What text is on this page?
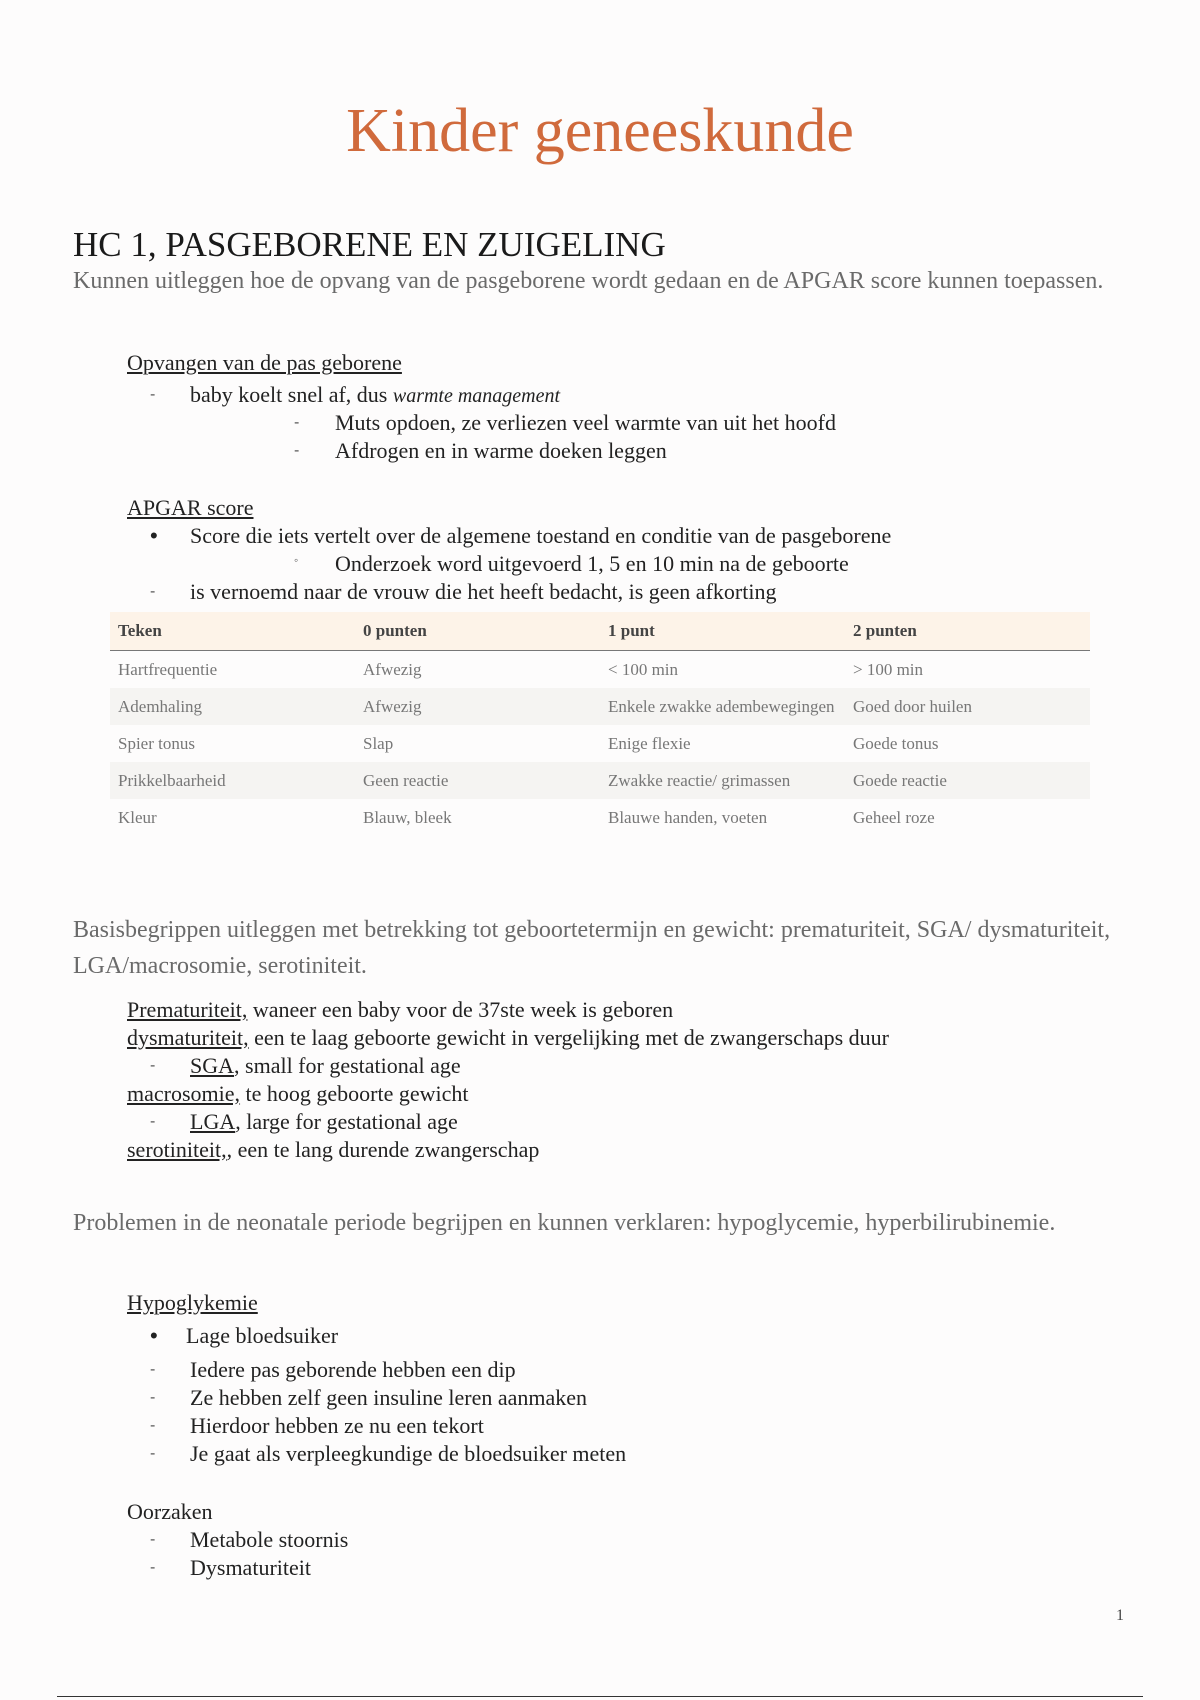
Kinder geneeskunde
HC 1, PASGEBORENE EN ZUIGELING
Kunnen uitleggen hoe de opvang van de pasgeborene wordt gedaan en de APGAR score kunnen toepassen.
Opvangen van de pas geborene
- baby koelt snel af, dus warmte management
- Muts opdoen, ze verliezen veel warmte van uit het hoofd
- Afdrogen en in warme doeken leggen
APGAR score
• Score die iets vertelt over de algemene toestand en conditie van de pasgeborene
◦ Onderzoek word uitgevoerd 1, 5 en 10 min na de geboorte
- is vernoemd naar de vrouw die het heeft bedacht, is geen afkorting
Teken	0 punten	1 punt	2 punten
Hartfrequentie	Afwezig	< 100 min	> 100 min
Ademhaling	Afwezig	Enkele zwakke adembewegingen	Goed door huilen
Spier tonus	Slap	Enige flexie	Goede tonus
Prikkelbaarheid	Geen reactie	Zwakke reactie/ grimassen	Goede reactie
Kleur	Blauw, bleek	Blauwe handen, voeten	Geheel roze
Basisbegrippen uitleggen met betrekking tot geboortetermijn en gewicht: prematuriteit, SGA/ dysmaturiteit, LGA/macrosomie, serotiniteit.
Prematuriteit, waneer een baby voor de 37ste week is geboren
dysmaturiteit, een te laag geboorte gewicht in vergelijking met de zwangerschaps duur
- SGA, small for gestational age
macrosomie, te hoog geboorte gewicht
- LGA, large for gestational age
serotiniteit,, een te lang durende zwangerschap
Problemen in de neonatale periode begrijpen en kunnen verklaren: hypoglycemie, hyperbilirubinemie.
Hypoglykemie
• Lage bloedsuiker
- Iedere pas geborende hebben een dip
- Ze hebben zelf geen insuline leren aanmaken
- Hierdoor hebben ze nu een tekort
- Je gaat als verpleegkundige de bloedsuiker meten
Oorzaken
- Metabole stoornis
- Dysmaturiteit
1
